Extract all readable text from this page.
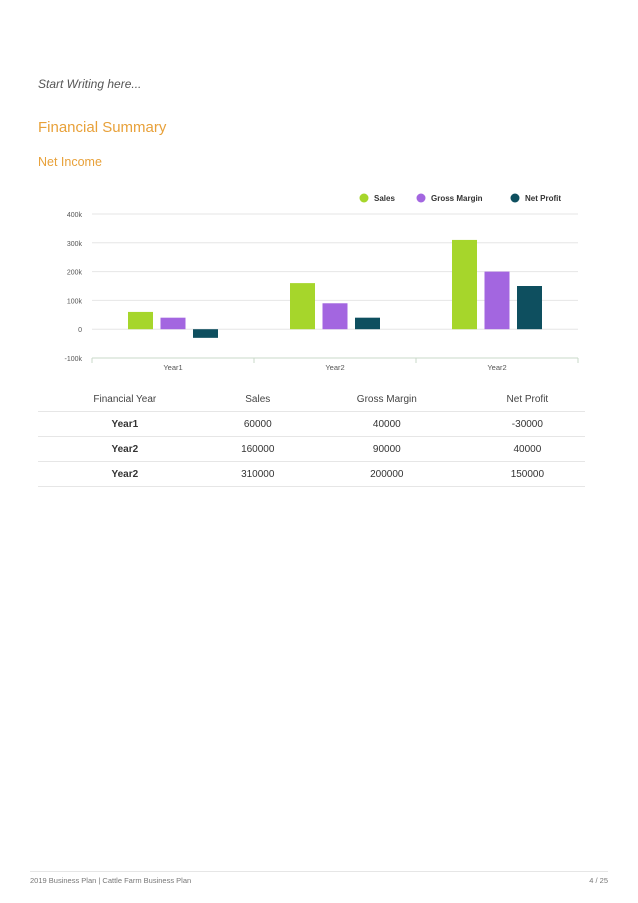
Start Writing here...
Financial Summary
Net Income
400k
300k
200k
100k
0
-100k
Year1	Year2	Year2
Sales	Gross Margin	Net Profit
Financial Year	Sales	Gross Margin	Net Profit
Year1	60000	40000	-30000
Year2	160000	90000	40000
Year2	310000	200000	150000
2019 Business Plan | Cattle Farm Business Plan	4 / 25
